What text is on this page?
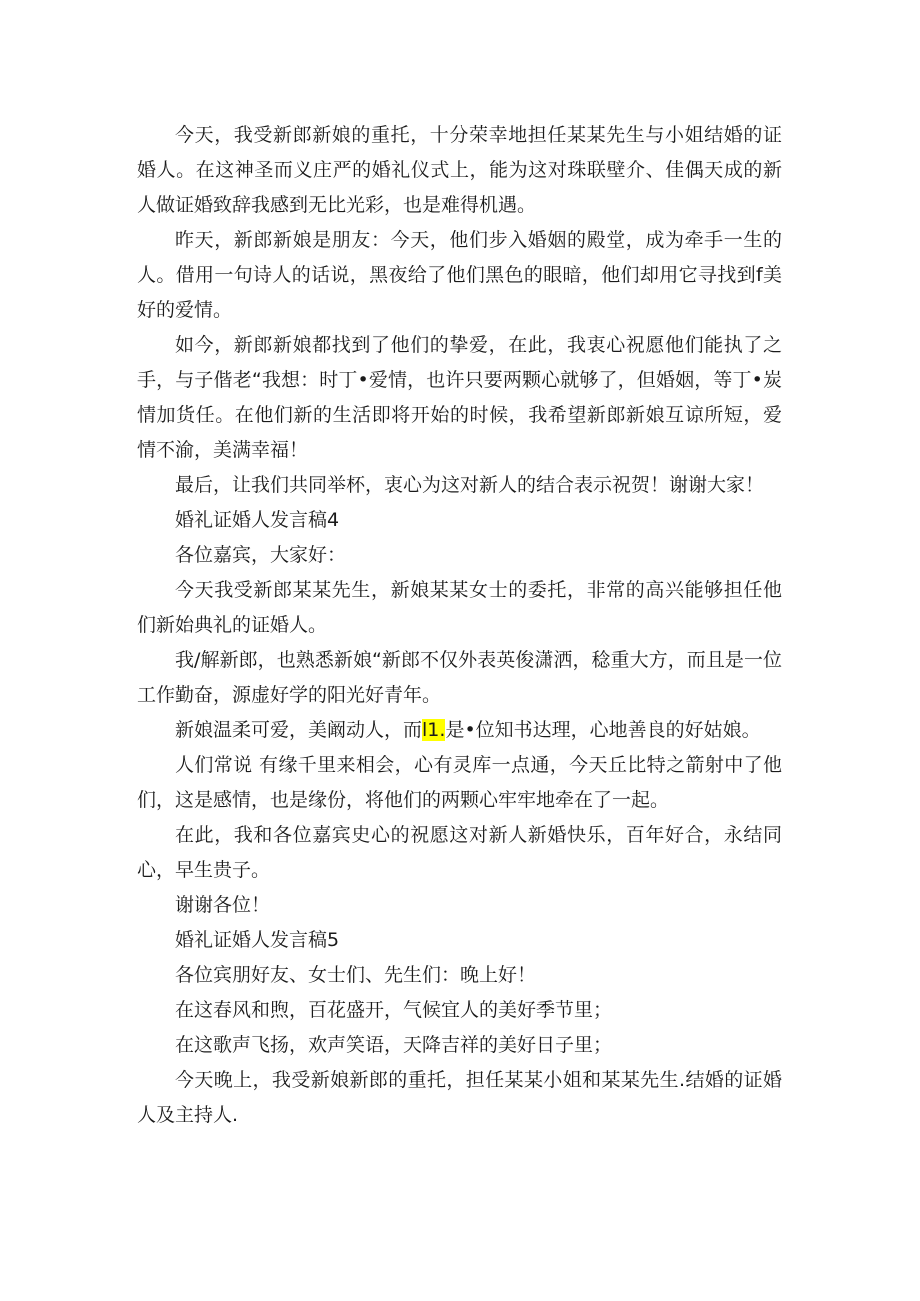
今天，我受新郎新娘的重托，十分荣幸地担任某某先生与小姐结婚的证婚人。在这神圣而义庄严的婚礼仪式上，能为这对珠联壁介、佳偶天成的新人做证婚致辞我感到无比光彩，也是难得机遇。

昨天，新郎新娘是朋友：今天，他们步入婚姻的殿堂，成为牵手一生的人。借用一句诗人的话说，黑夜给了他们黑色的眼暗，他们却用它寻找到f美好的爱情。

如今，新郎新娘都找到了他们的挚爱，在此，我衷心祝愿他们能执了之手，与子偕老“我想：时丁•爱情，也许只要两颗心就够了，但婚姻，等丁•炭情加货任。在他们新的生活即将开始的时候，我希望新郎新娘互谅所短，爱情不渝，美满幸福！

最后，让我们共同举杯，衷心为这对新人的结合表示祝贺！谢谢大家！

婚礼证婚人发言稿4

各位嘉宾，大家好：

今天我受新郎某某先生，新娘某某女士的委托，非常的高兴能够担任他们新始典礼的证婚人。

我/解新郎，也熟悉新娘“新郎不仅外表英俊潇洒，稔重大方，而且是一位工作勤奋，源虚好学的阳光好青年。

新娘温柔可爱，美阚动人，而l1.是•位知书达理，心地善良的好姑娘。

人们常说 有缘千里来相会，心有灵库一点通，今天丘比特之箭射中了他们，这是感情，也是缘份，将他们的两颗心牢牢地牵在了一起。

在此，我和各位嘉宾史心的祝愿这对新人新婚快乐，百年好合，永结同心，早生贵子。

谢谢各位！

婚礼证婚人发言稿5

各位宾朋好友、女士们、先生们：晚上好！

在这春风和煦，百花盛开，气候宜人的美好季节里；

在这歌声飞扬，欢声笑语，天降吉祥的美好日子里；

今天晚上，我受新娘新郎的重托，担任某某小姐和某某先生.结婚的证婚人及主持人.
